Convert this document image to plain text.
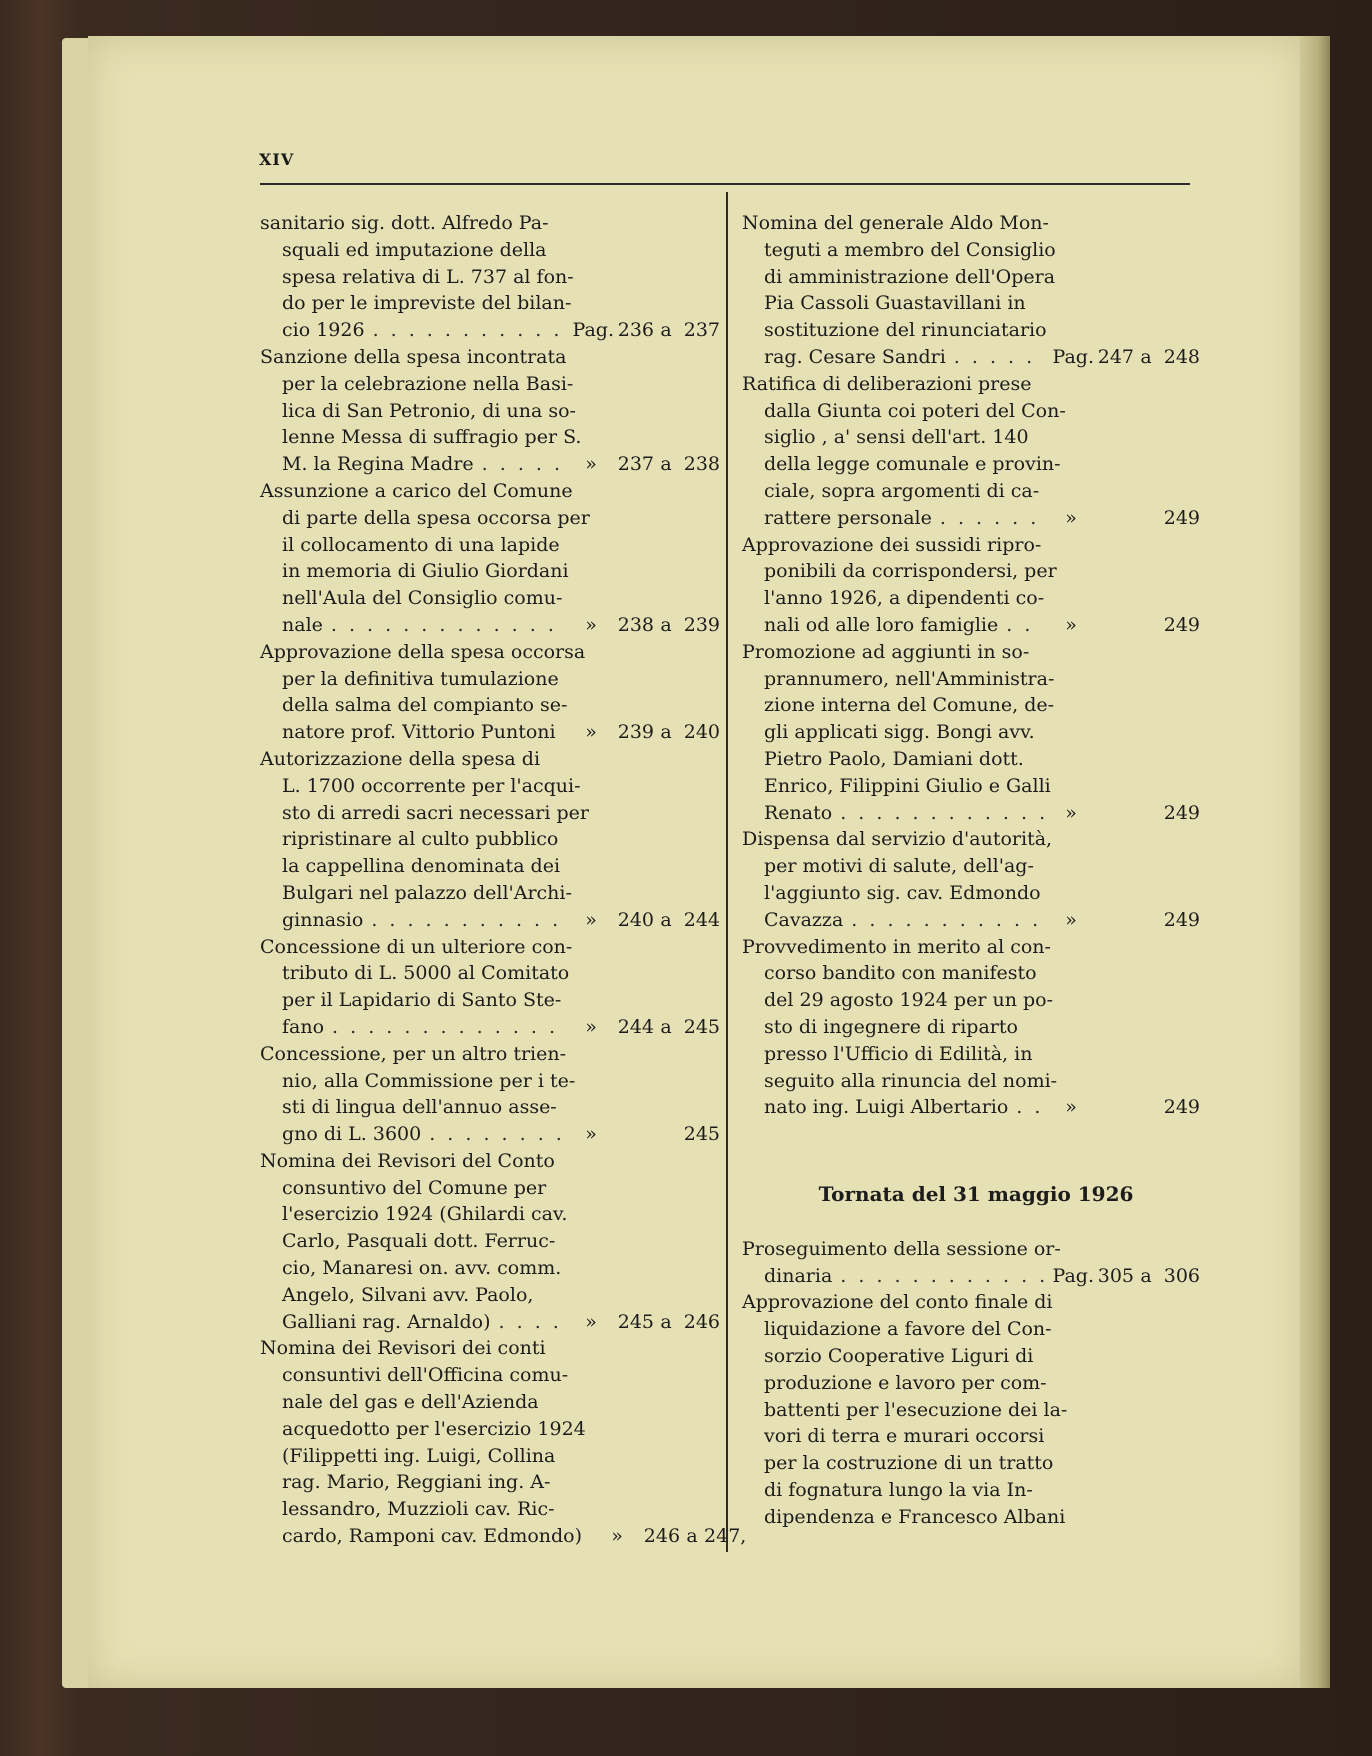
XIV
sanitario sig. dott. Alfredo Pa-
squali ed imputazione della
spesa relativa di L. 737 al fon-
do per le impreviste del bilan-
cio 1926 . . .	Pag. 236 a 237
Sanzione della spesa incontrata
per la celebrazione nella Basi-
lica di San Petronio, di una so-
lenne Messa di suffragio per S.
M. la Regina Madre . . .	»	237 a 238
Assunzione a carico del Comune
di parte della spesa occorsa per
il collocamento di una lapide
in memoria di Giulio Giordani
nell'Aula del Consiglio comu-
nale . . .	»	238 a 239
Approvazione della spesa occorsa
per la definitiva tumulazione
della salma del compianto se-
natore prof. Vittorio Puntoni . . .	»	239 a 240
Autorizzazione della spesa di
L. 1700 occorrente per l'acqui-
sto di arredi sacri necessari per
ripristinare al culto pubblico
la cappellina denominata dei
Bulgari nel palazzo dell'Archi-
ginnasio . . .	»	240 a 244
Concessione di un ulteriore con-
tributo di L. 5000 al Comitato
per il Lapidario di Santo Ste-
fano . . .	»	244 a 245
Concessione, per un altro trien-
nio, alla Commissione per i te-
sti di lingua dell'annuo asse-
gno di L. 3600 . . .	»	245
Nomina dei Revisori del Conto
consuntivo del Comune per
l'esercizio 1924 (Ghilardi cav.
Carlo, Pasquali dott. Ferruc-
cio, Manaresi on. avv. comm.
Angelo, Silvani avv. Paolo,
Galliani rag. Arnaldo) . . .	»	245 a 246
Nomina dei Revisori dei conti
consuntivi dell'Officina comu-
nale del gas e dell'Azienda
acquedotto per l'esercizio 1924
(Filippetti ing. Luigi, Collina
rag. Mario, Reggiani ing. A-
lessandro, Muzzioli cav. Ric-
cardo, Ramponi cav. Edmondo)	»	246 a 247,
Nomina del generale Aldo Mon-
teguti a membro del Consiglio
di amministrazione dell'Opera
Pia Cassoli Guastavillani in
sostituzione del rinunciatario
rag. Cesare Sandri . . .	Pag. 247 a 248
Ratifica di deliberazioni prese
dalla Giunta coi poteri del Con-
siglio , a' sensi dell'art. 140
della legge comunale e provin-
ciale, sopra argomenti di ca-
rattere personale . . .	»	249
Approvazione dei sussidi ripro-
ponibili da corrispondersi, per
l'anno 1926, a dipendenti co-
nali od alle loro famiglie . . .	»	249
Promozione ad aggiunti in so-
prannumero, nell'Amministra-
zione interna del Comune, de-
gli applicati sigg. Bongi avv.
Pietro Paolo, Damiani dott.
Enrico, Filippini Giulio e Galli
Renato . . .	»	249
Dispensa dal servizio d'autorità,
per motivi di salute, dell'ag-
l'aggiunto sig. cav. Edmondo
Cavazza . . .	»	249
Provvedimento in merito al con-
corso bandito con manifesto
del 29 agosto 1924 per un po-
sto di ingegnere di riparto
presso l'Ufficio di Edilità, in
seguito alla rinuncia del nomi-
nato ing. Luigi Albertario . . .	»	249
Tornata del 31 maggio 1926
Proseguimento della sessione or-
dinaria . . .	Pag. 305 a 306
Approvazione del conto finale di
liquidazione a favore del Con-
sorzio Cooperative Liguri di
produzione e lavoro per com-
battenti per l'esecuzione dei la-
vori di terra e murari occorsi
per la costruzione di un tratto
di fognatura lungo la via In-
dipendenza e Francesco Albani
